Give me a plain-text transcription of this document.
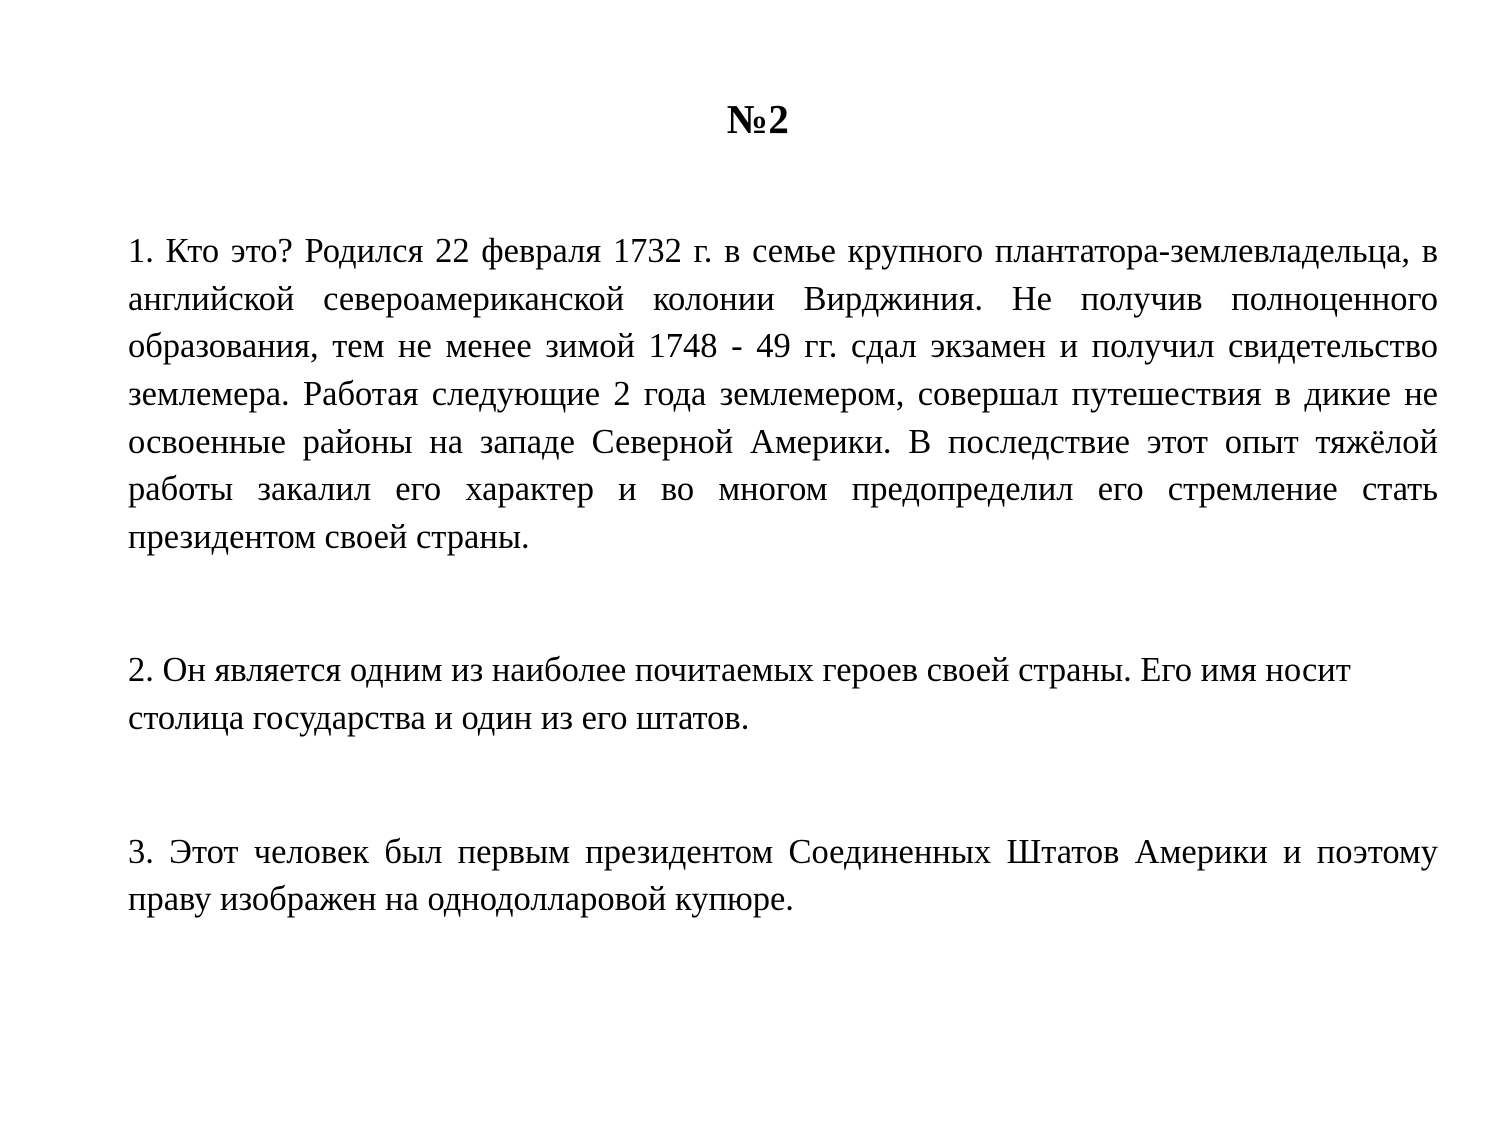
№2

1. Кто это? Родился 22 февраля 1732 г. в семье крупного плантатора-землевладельца, в английской североамериканской колонии Вирджиния. Не получив полноценного образования, тем не менее зимой 1748 - 49 гг. сдал экзамен и получил свидетельство землемера. Работая следующие 2 года землемером, совершал путешествия в дикие не освоенные районы на западе Северной Америки. В последствие этот опыт тяжёлой работы закалил его характер и во многом предопределил его стремление стать президентом своей страны.

2. Он является одним из наиболее почитаемых героев своей страны. Его имя носит столица государства и один из его штатов.

3. Этот человек был первым президентом Соединенных Штатов Америки и поэтому праву изображен на однодолларовой купюре.
